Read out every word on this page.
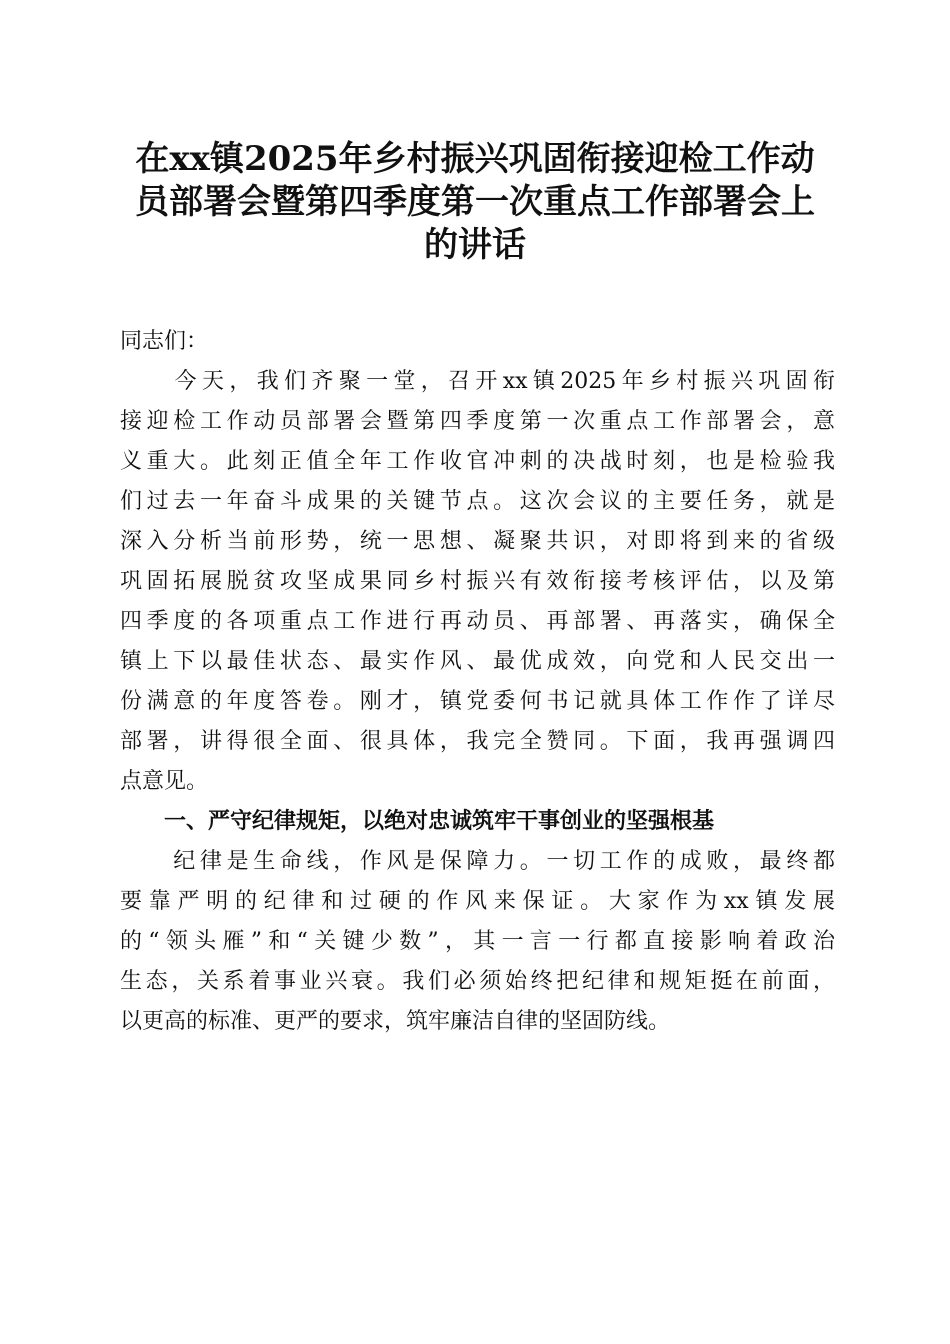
在xx镇2025年乡村振兴巩固衔接迎检工作动
员部署会暨第四季度第一次重点工作部署会上
的讲话

同志们：

　　今天，我们齐聚一堂，召开xx镇2025年乡村振兴巩固衔
接迎检工作动员部署会暨第四季度第一次重点工作部署会，意
义重大。此刻正值全年工作收官冲刺的决战时刻，也是检验我
们过去一年奋斗成果的关键节点。这次会议的主要任务，就是
深入分析当前形势，统一思想、凝聚共识，对即将到来的省级
巩固拓展脱贫攻坚成果同乡村振兴有效衔接考核评估，以及第
四季度的各项重点工作进行再动员、再部署、再落实，确保全
镇上下以最佳状态、最实作风、最优成效，向党和人民交出一
份满意的年度答卷。刚才，镇党委何书记就具体工作作了详尽
部署，讲得很全面、很具体，我完全赞同。下面，我再强调四
点意见。

　　一、严守纪律规矩，以绝对忠诚筑牢干事创业的坚强根基

　　纪律是生命线，作风是保障力。一切工作的成败，最终都
要靠严明的纪律和过硬的作风来保证。大家作为xx镇发展
的“领头雁”和“关键少数”，其一言一行都直接影响着政治
生态，关系着事业兴衰。我们必须始终把纪律和规矩挺在前面，
以更高的标准、更严的要求，筑牢廉洁自律的坚固防线。
